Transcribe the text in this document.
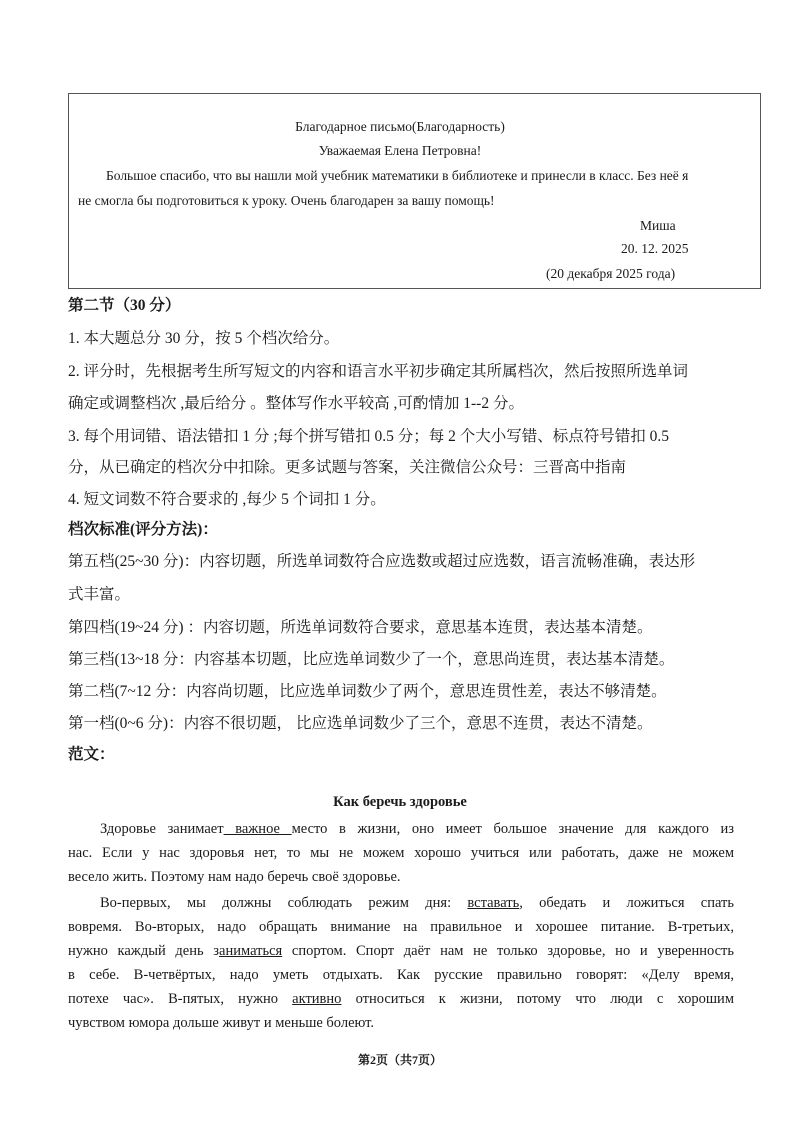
Благодарное письмо(Благодарность)
Уважаемая Елена Петровна!
Большое спасибо, что вы нашли мой учебник математики в библиотеке и принесли в класс. Без неё я
не смогла бы подготовиться к уроку. Очень благодарен за вашу помощь!
Миша
20. 12. 2025
(20 декабря 2025 года)
第二节（30 分）
1. 本大题总分 30 分，按 5 个档次给分。
2. 评分时，先根据考生所写短文的内容和语言水平初步确定其所属档次，然后按照所选单词
确定或调整档次 ,最后给分 。整体写作水平较高 ,可酌情加 1--2 分。
3. 每个用词错、语法错扣 1 分 ;每个拼写错扣 0.5 分；每 2 个大小写错、标点符号错扣 0.5
分，从已确定的档次分中扣除。更多试题与答案，关注微信公众号：三晋高中指南
4. 短文词数不符合要求的 ,每少 5 个词扣 1 分。
档次标准(评分方法)：
第五档(25~30 分)：内容切题，所选单词数符合应选数或超过应选数，语言流畅准确，表达形
式丰富。
第四档(19~24 分) ：内容切题，所选单词数符合要求，意思基本连贯，表达基本清楚。
第三档(13~18 分：内容基本切题，比应选单词数少了一个，意思尚连贯，表达基本清楚。
第二档(7~12 分：内容尚切题，比应选单词数少了两个，意思连贯性差，表达不够清楚。
第一档(0~6 分)：内容不很切题， 比应选单词数少了三个，意思不连贯，表达不清楚。
范文：
Как беречь здоровье
Здоровье занимает важное место в жизни, оно имеет большое значение для каждого из
нас. Если у нас здоровья нет, то мы не можем хорошо учиться или работать, даже не можем
весело жить. Поэтому нам надо беречь своё здоровье.
Во-первых, мы должны соблюдать режим дня: вставать, обедать и ложиться спать
вовремя. Во-вторых, надо обращать внимание на правильное и хорошее питание. В-третьих,
нужно каждый день заниматься спортом. Спорт даёт нам не только здоровье, но и уверенность
в себе. В-четвёртых, надо уметь отдыхать. Как русские правильно говорят: «Делу время,
потехе час». В-пятых, нужно активно относиться к жизни, потому что люди с хорошим
чувством юмора дольше живут и меньше болеют.
第2页（共7页）
